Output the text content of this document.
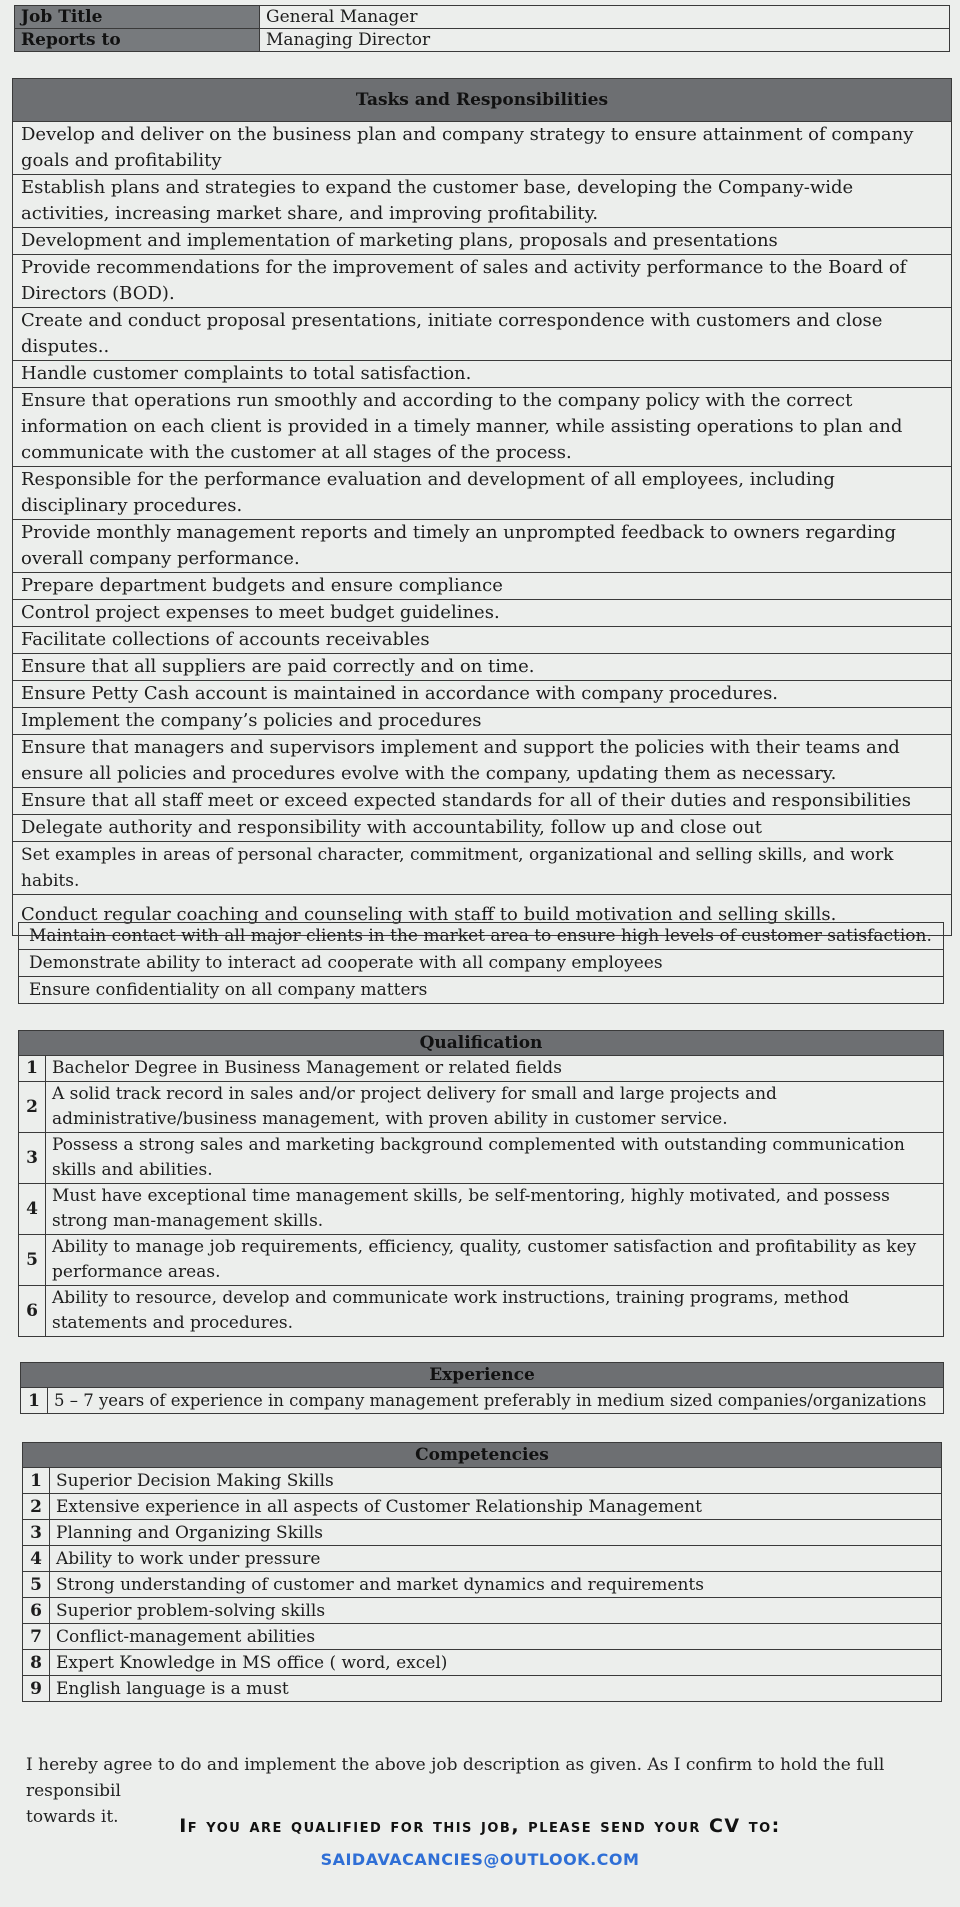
Job Title	General Manager
Reports to	Managing Director
Tasks and Responsibilities
Develop and deliver on the business plan and company strategy to ensure attainment of company goals and profitability
Establish plans and strategies to expand the customer base, developing the Company-wide activities, increasing market share, and improving profitability.
Development and implementation of marketing plans, proposals and presentations
Provide recommendations for the improvement of sales and activity performance to the Board of Directors (BOD).
Create and conduct proposal presentations, initiate correspondence with customers and close disputes..
Handle customer complaints to total satisfaction.
Ensure that operations run smoothly and according to the company policy with the correct information on each client is provided in a timely manner, while assisting operations to plan and communicate with the customer at all stages of the process.
Responsible for the performance evaluation and development of all employees, including disciplinary procedures.
Provide monthly management reports and timely an unprompted feedback to owners regarding overall company performance.
Prepare department budgets and ensure compliance
Control project expenses to meet budget guidelines.
Facilitate collections of accounts receivables
Ensure that all suppliers are paid correctly and on time.
Ensure Petty Cash account is maintained in accordance with company procedures.
Implement the company’s policies and procedures
Ensure that managers and supervisors implement and support the policies with their teams and ensure all policies and procedures evolve with the company, updating them as necessary.
Ensure that all staff meet or exceed expected standards for all of their duties and responsibilities
Delegate authority and responsibility with accountability, follow up and close out
Set examples in areas of personal character, commitment, organizational and selling skills, and work habits.
Conduct regular coaching and counseling with staff to build motivation and selling skills.
Maintain contact with all major clients in the market area to ensure high levels of customer satisfaction.
Demonstrate ability to interact ad cooperate with all company employees
Ensure confidentiality on all company matters
Qualification	
1	Bachelor Degree in Business Management or related fields
2	A solid track record in sales and/or project delivery for small and large projects and administrative/business management, with proven ability in customer service.
3	Possess a strong sales and marketing background complemented with outstanding communication skills and abilities.
4	Must have exceptional time management skills, be self-mentoring, highly motivated, and possess strong man-management skills.
5	Ability to manage job requirements, efficiency, quality, customer satisfaction and profitability as key performance areas.
6	Ability to resource, develop and communicate work instructions, training programs, method statements and procedures.
Experience
1	5 – 7 years of experience in company management preferably in medium sized companies/organizations
Competencies	
1	Superior Decision Making Skills
2	Extensive experience in all aspects of Customer Relationship Management
3	Planning and Organizing Skills
4	Ability to work under pressure
5	Strong understanding of customer and market dynamics and requirements
6	Superior problem-solving skills
7	Conflict-management abilities
8	Expert Knowledge in MS office ( word, excel)
9	English language is a must
I hereby agree to do and implement the above job description as given. As I confirm to hold the full responsibil
towards it.	If you are qualified for this job, please send your CV to:
SAIDAVACANCIES@OUTLOOK.COM
